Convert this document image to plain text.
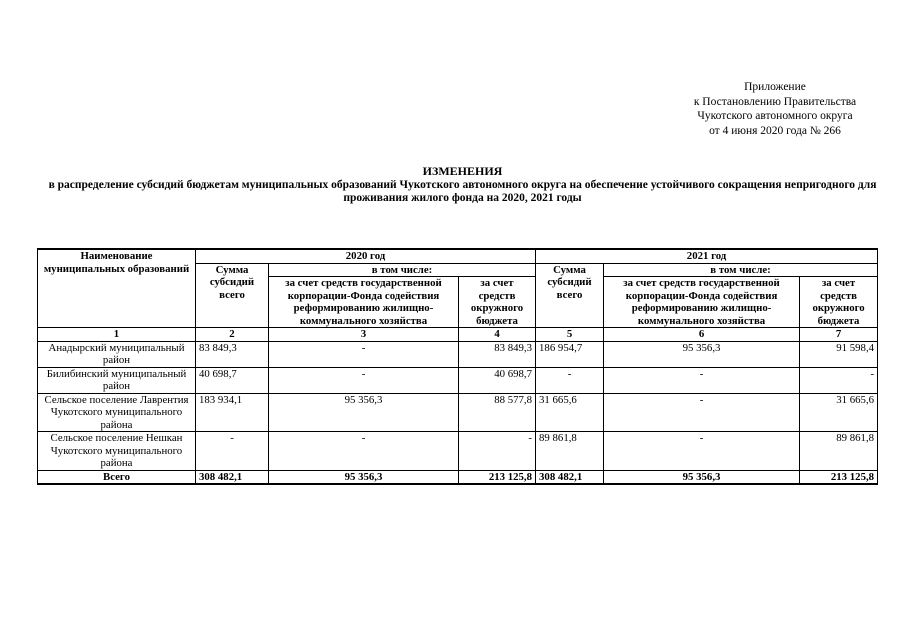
Приложение
к Постановлению Правительства
Чукотского автономного округа
от 4 июня 2020 года № 266
ИЗМЕНЕНИЯ
в распределение субсидий бюджетам муниципальных образований Чукотского автономного округа на обеспечение устойчивого сокращения непригодного для проживания жилого фонда на 2020, 2021 годы
Наименование муниципальных образований	2020 год			2021 год		
	Сумма субсидий всего	в том числе:		Сумма субсидий всего	в том числе:	
		за счет средств государственной корпорации-Фонда содействия реформированию жилищно-коммунального хозяйства	за счет средств окружного бюджета		за счет средств государственной корпорации-Фонда содействия реформированию жилищно-коммунального хозяйства	за счет средств окружного бюджета
1	2	3	4	5	6	7
Анадырский муниципальный район	83 849,3	-	83 849,3	186 954,7	95 356,3	91 598,4
Билибинский муниципальный район	40 698,7	-	40 698,7	-	-	-
Сельское поселение Лаврентия Чукотского муниципального района	183 934,1	95 356,3	88 577,8	31 665,6	-	31 665,6
Сельское поселение Нешкан Чукотского муниципального района	-	-	-	89 861,8	-	89 861,8
Всего	308 482,1	95 356,3	213 125,8	308 482,1	95 356,3	213 125,8
